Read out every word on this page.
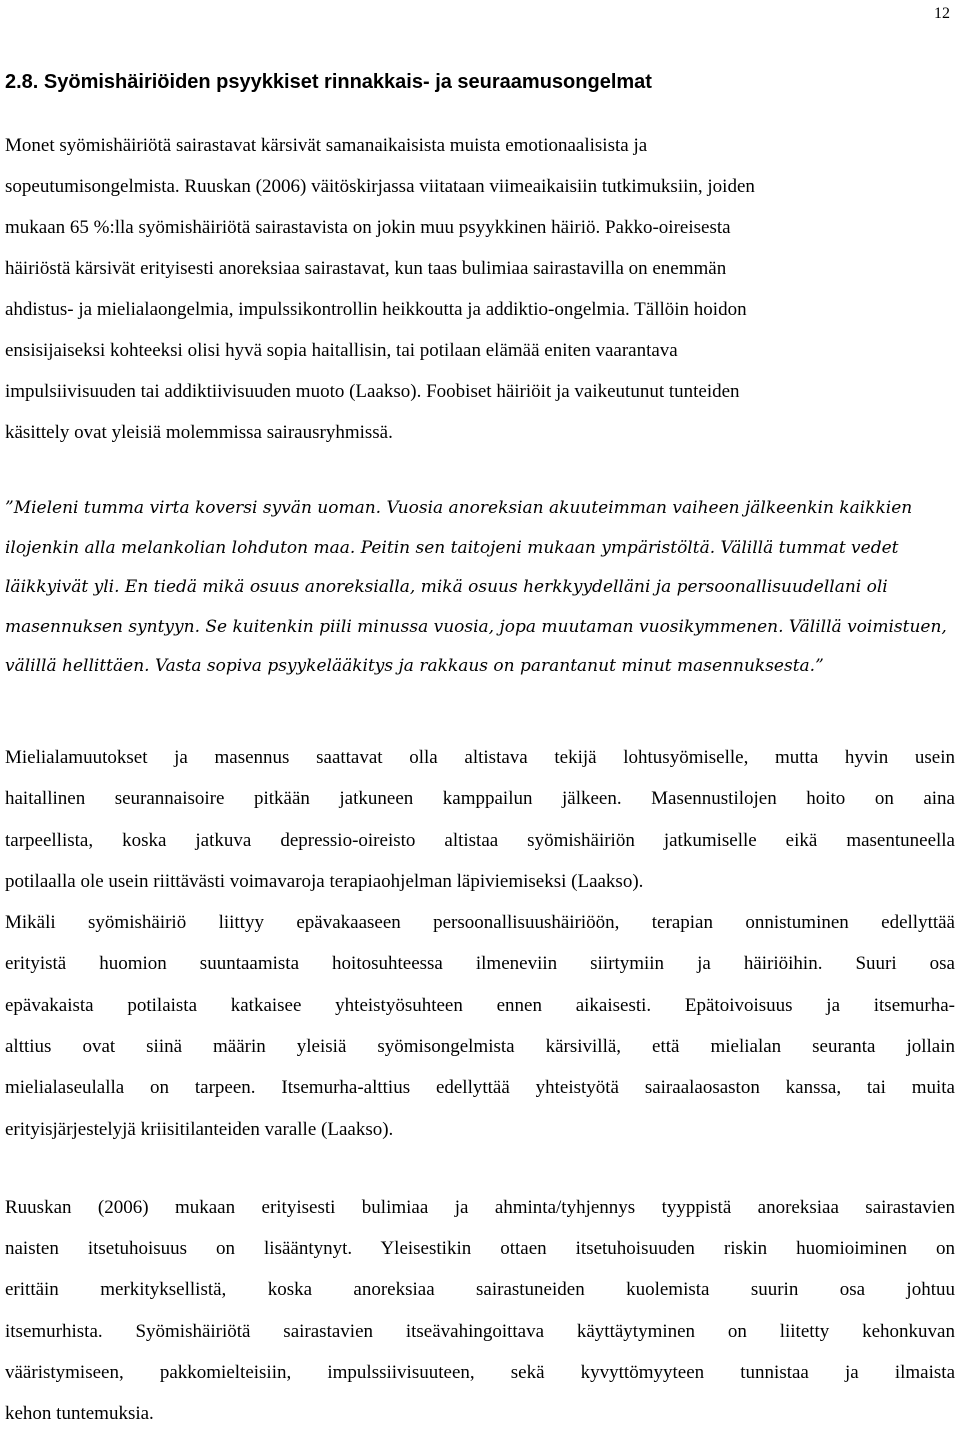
12
2.8. Syömishäiriöiden psyykkiset rinnakkais- ja seuraamusongelmat

Monet syömishäiriötä sairastavat kärsivät samanaikaisista muista emotionaalisista ja
sopeutumisongelmista. Ruuskan (2006) väitöskirjassa viitataan viimeaikaisiin tutkimuksiin, joiden
mukaan 65 %:lla syömishäiriötä sairastavista on jokin muu psyykkinen häiriö. Pakko-oireisesta
häiriöstä kärsivät erityisesti anoreksiaa sairastavat, kun taas bulimiaa sairastavilla on enemmän
ahdistus- ja mielialaongelmia, impulssikontrollin heikkoutta ja addiktio-ongelmia. Tällöin hoidon
ensisijaiseksi kohteeksi olisi hyvä sopia haitallisin, tai potilaan elämää eniten vaarantava
impulsiivisuuden tai addiktiivisuuden muoto (Laakso). Foobiset häiriöit ja vaikeutunut tunteiden
käsittely ovat yleisiä molemmissa sairausryhmissä.

”Mieleni tumma virta koversi syvän uoman. Vuosia anoreksian akuuteimman vaiheen jälkeenkin kaikkien
ilojenkin alla melankolian lohduton maa. Peitin sen taitojeni mukaan ympäristöltä. Välillä tummat vedet
läikkyivät yli. En tiedä mikä osuus anoreksialla, mikä osuus herkkyydelläni ja persoonallisuudellani oli
masennuksen syntyyn. Se kuitenkin piili minussa vuosia, jopa muutaman vuosikymmenen. Välillä voimistuen,
välillä hellittäen. Vasta sopiva psyykelääkitys ja rakkaus on parantanut minut masennuksesta.”

Mielialamuutokset ja masennus saattavat olla altistava tekijä lohtusyömiselle, mutta hyvin usein
haitallinen seurannaisoire pitkään jatkuneen kamppailun jälkeen. Masennustilojen hoito on aina
tarpeellista, koska jatkuva depressio-oireisto altistaa syömishäiriön jatkumiselle eikä masentuneella
potilaalla ole usein riittävästi voimavaroja terapiaohjelman läpiviemiseksi (Laakso).
Mikäli syömishäiriö liittyy epävakaaseen persoonallisuushäiriöön, terapian onnistuminen edellyttää
erityistä huomion suuntaamista hoitosuhteessa ilmeneviin siirtymiin ja häiriöihin. Suuri osa
epävakaista potilaista katkaisee yhteistyösuhteen ennen aikaisesti. Epätoivoisuus ja itsemurha-
alttius ovat siinä määrin yleisiä syömisongelmista kärsivillä, että mielialan seuranta jollain
mielialaseulalla on tarpeen. Itsemurha-alttius edellyttää yhteistyötä sairaalaosaston kanssa, tai muita
erityisjärjestelyjä kriisitilanteiden varalle (Laakso).

Ruuskan (2006) mukaan erityisesti bulimiaa ja ahminta/tyhjennys tyyppistä anoreksiaa sairastavien
naisten itsetuhoisuus on lisääntynyt. Yleisestikin ottaen itsetuhoisuuden riskin huomioiminen on
erittäin merkityksellistä, koska anoreksiaa sairastuneiden kuolemista suurin osa johtuu
itsemurhista. Syömishäiriötä sairastavien itseävahingoittava käyttäytyminen on liitetty kehonkuvan
vääristymiseen, pakkomielteisiin, impulssiivisuuteen, sekä kyvyttömyyteen tunnistaa ja ilmaista
kehon tuntemuksia.
